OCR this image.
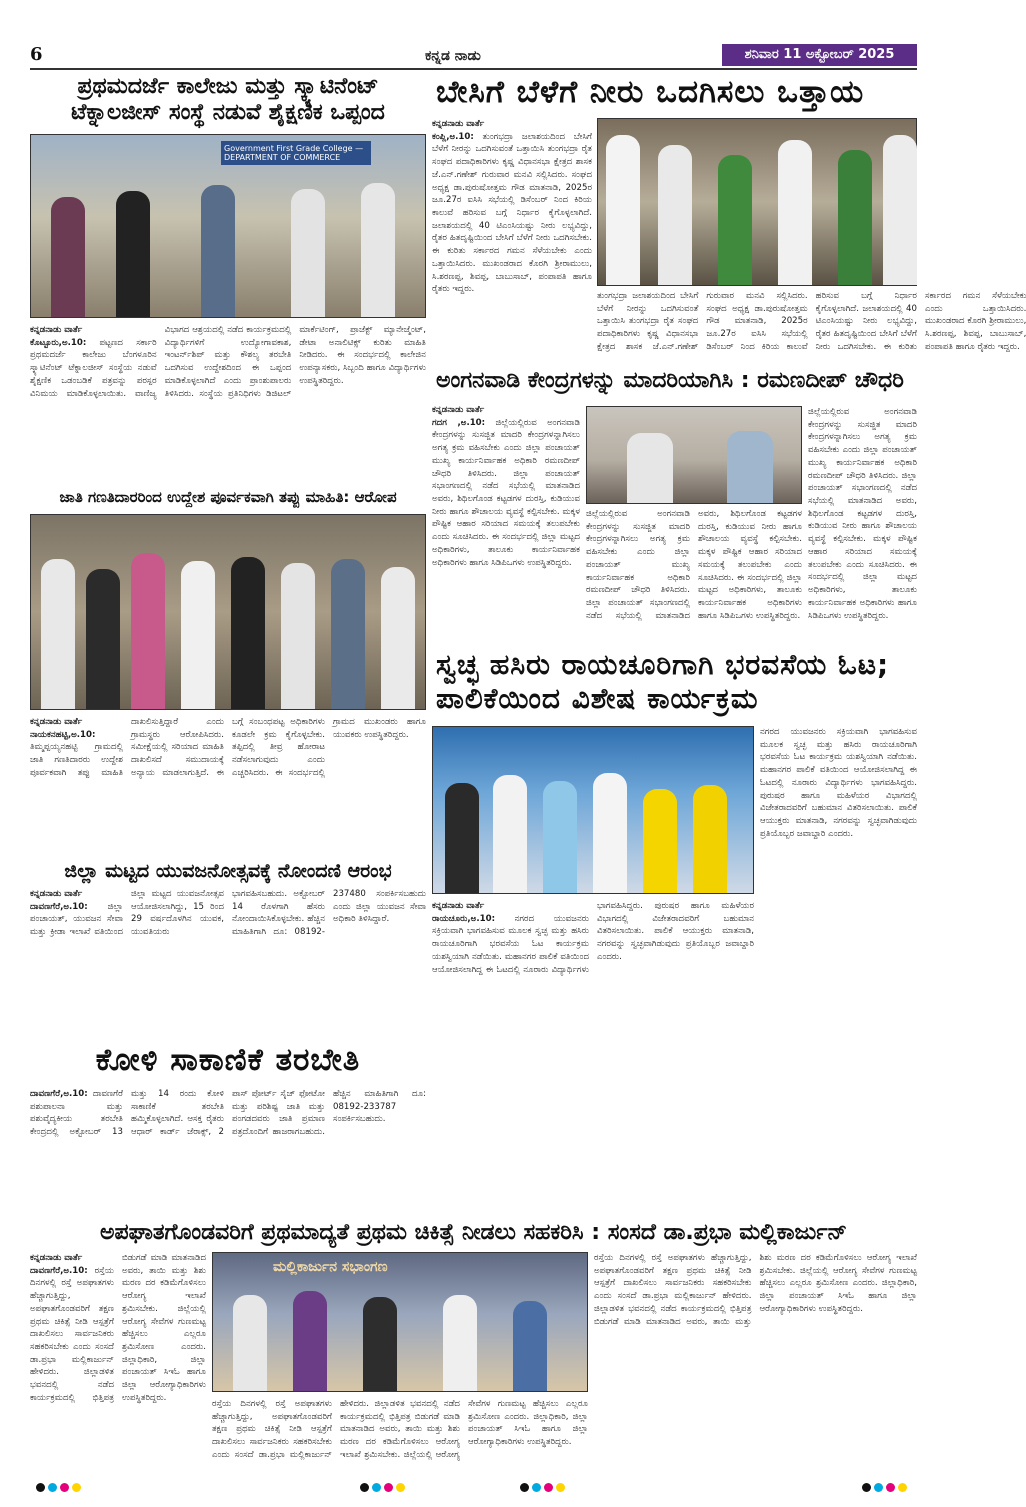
6	ಕನ್ನಡ ನಾಡು	ಶನಿವಾರ 11 ಅಕ್ಟೋಬರ್ 2025
ಪ್ರಥಮದರ್ಜೆ ಕಾಲೇಜು ಮತ್ತು ಸ್ಕ್ಯಾಟಿನೆಂಟ್ ಟೆಕ್ನಾಲಜೀಸ್ ಸಂಸ್ಥೆ ನಡುವೆ ಶೈಕ್ಷಣಿಕ ಒಪ್ಪಂದ
Government First Grade College — DEPARTMENT OF COMMERCE
ಕನ್ನಡನಾಡು ವಾರ್ತೆ
ಕೊಟ್ಟೂರು,ಅ.10: ಪಟ್ಟಣದ ಸರ್ಕಾರಿ ಪ್ರಥಮದರ್ಜೆ ಕಾಲೇಜು ಬೆಂಗಳೂರಿನ ಸ್ಕ್ಯಾಟಿನೆಂಟ್ ಟೆಕ್ನಾಲಜೀಸ್ ಸಂಸ್ಥೆಯ ನಡುವೆ ಶೈಕ್ಷಣಿಕ ಒಡಂಬಡಿಕೆ ಪತ್ರವನ್ನು ಪರಸ್ಪರ ವಿನಿಮಯ ಮಾಡಿಕೊಳ್ಳಲಾಯಿತು. ವಾಣಿಜ್ಯ ವಿಭಾಗದ ಆಶ್ರಯದಲ್ಲಿ ನಡೆದ ಕಾರ್ಯಕ್ರಮದಲ್ಲಿ ವಿದ್ಯಾರ್ಥಿಗಳಿಗೆ ಉದ್ಯೋಗಾವಕಾಶ, ಇಂಟರ್ನ್‌ಶಿಪ್ ಮತ್ತು ಕೌಶಲ್ಯ ತರಬೇತಿ ಒದಗಿಸುವ ಉದ್ದೇಶದಿಂದ ಈ ಒಪ್ಪಂದ ಮಾಡಿಕೊಳ್ಳಲಾಗಿದೆ ಎಂದು ಪ್ರಾಂಶುಪಾಲರು ತಿಳಿಸಿದರು. ಸಂಸ್ಥೆಯ ಪ್ರತಿನಿಧಿಗಳು ಡಿಜಿಟಲ್ ಮಾರ್ಕೆಟಿಂಗ್, ಪ್ರಾಜೆಕ್ಟ್ ಮ್ಯಾನೇಜ್ಮೆಂಟ್, ಡೇಟಾ ಅನಾಲಿಟಿಕ್ಸ್ ಕುರಿತು ಮಾಹಿತಿ ನೀಡಿದರು. ಈ ಸಂದರ್ಭದಲ್ಲಿ ಕಾಲೇಜಿನ ಉಪನ್ಯಾಸಕರು, ಸಿಬ್ಬಂದಿ ಹಾಗೂ ವಿದ್ಯಾರ್ಥಿಗಳು ಉಪಸ್ಥಿತರಿದ್ದರು.
ಬೇಸಿಗೆ ಬೆಳೆಗೆ ನೀರು ಒದಗಿಸಲು ಒತ್ತಾಯ
ಕನ್ನಡನಾಡು ವಾರ್ತೆ
ಕಂಪ್ಲಿ,ಅ.10: ತುಂಗಭದ್ರಾ ಜಲಾಶಯದಿಂದ ಬೇಸಿಗೆ ಬೆಳೆಗೆ ನೀರನ್ನು ಒದಗಿಸುವಂತೆ ಒತ್ತಾಯಿಸಿ ತುಂಗಭದ್ರಾ ರೈತ ಸಂಘದ ಪದಾಧಿಕಾರಿಗಳು ಕೃಷ್ಣ ವಿಧಾನಸಭಾ ಕ್ಷೇತ್ರದ ಶಾಸಕ ಜೆ.ಎನ್.ಗಣೇಶ್ ಗುರುವಾರ ಮನವಿ ಸಲ್ಲಿಸಿದರು. ಸಂಘದ ಅಧ್ಯಕ್ಷ ಡಾ.ಪುರುಷೋತ್ತಮ ಗೌಡ ಮಾತನಾಡಿ, 2025ರ ಜೂ.27ರ ಐಸಿಸಿ ಸಭೆಯಲ್ಲಿ ಡಿಸೆಂಬರ್ ನಿಂದ ಕಿರಿಯ ಕಾಲುವೆ ಹರಿಸುವ ಬಗ್ಗೆ ನಿರ್ಧಾರ ಕೈಗೊಳ್ಳಲಾಗಿದೆ. ಜಲಾಶಯದಲ್ಲಿ 40 ಟಿಎಂಸಿಯಷ್ಟು ನೀರು ಲಭ್ಯವಿದ್ದು, ರೈತರ ಹಿತದೃಷ್ಟಿಯಿಂದ ಬೇಸಿಗೆ ಬೆಳೆಗೆ ನೀರು ಒದಗಿಸಬೇಕು. ಈ ಕುರಿತು ಸರ್ಕಾರದ ಗಮನ ಸೆಳೆಯಬೇಕು ಎಂದು ಒತ್ತಾಯಿಸಿದರು. ಮುಖಂಡರಾದ ಕೊರಗಿ ಶ್ರೀರಾಮುಲು, ಸಿ.ಶರಣಪ್ಪ, ಶಿವಪ್ಪ, ಬಾಬುಸಾಬ್, ಪಂಪಾಪತಿ ಹಾಗೂ ರೈತರು ಇದ್ದರು.
ತುಂಗಭದ್ರಾ ಜಲಾಶಯದಿಂದ ಬೇಸಿಗೆ ಬೆಳೆಗೆ ನೀರನ್ನು ಒದಗಿಸುವಂತೆ ಒತ್ತಾಯಿಸಿ ತುಂಗಭದ್ರಾ ರೈತ ಸಂಘದ ಪದಾಧಿಕಾರಿಗಳು ಕೃಷ್ಣ ವಿಧಾನಸಭಾ ಕ್ಷೇತ್ರದ ಶಾಸಕ ಜೆ.ಎನ್.ಗಣೇಶ್ ಗುರುವಾರ ಮನವಿ ಸಲ್ಲಿಸಿದರು. ಸಂಘದ ಅಧ್ಯಕ್ಷ ಡಾ.ಪುರುಷೋತ್ತಮ ಗೌಡ ಮಾತನಾಡಿ, 2025ರ ಜೂ.27ರ ಐಸಿಸಿ ಸಭೆಯಲ್ಲಿ ಡಿಸೆಂಬರ್ ನಿಂದ ಕಿರಿಯ ಕಾಲುವೆ ಹರಿಸುವ ಬಗ್ಗೆ ನಿರ್ಧಾರ ಕೈಗೊಳ್ಳಲಾಗಿದೆ. ಜಲಾಶಯದಲ್ಲಿ 40 ಟಿಎಂಸಿಯಷ್ಟು ನೀರು ಲಭ್ಯವಿದ್ದು, ರೈತರ ಹಿತದೃಷ್ಟಿಯಿಂದ ಬೇಸಿಗೆ ಬೆಳೆಗೆ ನೀರು ಒದಗಿಸಬೇಕು. ಈ ಕುರಿತು ಸರ್ಕಾರದ ಗಮನ ಸೆಳೆಯಬೇಕು ಎಂದು ಒತ್ತಾಯಿಸಿದರು. ಮುಖಂಡರಾದ ಕೊರಗಿ ಶ್ರೀರಾಮುಲು, ಸಿ.ಶರಣಪ್ಪ, ಶಿವಪ್ಪ, ಬಾಬುಸಾಬ್, ಪಂಪಾಪತಿ ಹಾಗೂ ರೈತರು ಇದ್ದರು.
ಅಂಗನವಾಡಿ ಕೇಂದ್ರಗಳನ್ನು ಮಾದರಿಯಾಗಿಸಿ : ರಮಣದೀಪ್ ಚೌಧರಿ
ಕನ್ನಡನಾಡು ವಾರ್ತೆ
ಗದಗ ,ಅ.10: ಜಿಲ್ಲೆಯಲ್ಲಿರುವ ಅಂಗನವಾಡಿ ಕೇಂದ್ರಗಳನ್ನು ಸುಸಜ್ಜಿತ ಮಾದರಿ ಕೇಂದ್ರಗಳನ್ನಾಗಿಸಲು ಅಗತ್ಯ ಕ್ರಮ ವಹಿಸಬೇಕು ಎಂದು ಜಿಲ್ಲಾ ಪಂಚಾಯತ್ ಮುಖ್ಯ ಕಾರ್ಯನಿರ್ವಾಹಕ ಅಧಿಕಾರಿ ರಮಣದೀಪ್ ಚೌಧರಿ ತಿಳಿಸಿದರು. ಜಿಲ್ಲಾ ಪಂಚಾಯತ್ ಸಭಾಂಗಣದಲ್ಲಿ ನಡೆದ ಸಭೆಯಲ್ಲಿ ಮಾತನಾಡಿದ ಅವರು, ಶಿಥಿಲಗೊಂಡ ಕಟ್ಟಡಗಳ ದುರಸ್ತಿ, ಕುಡಿಯುವ ನೀರು ಹಾಗೂ ಶೌಚಾಲಯ ವ್ಯವಸ್ಥೆ ಕಲ್ಪಿಸಬೇಕು. ಮಕ್ಕಳ ಪೌಷ್ಟಿಕ ಆಹಾರ ಸರಿಯಾದ ಸಮಯಕ್ಕೆ ತಲುಪಬೇಕು ಎಂದು ಸೂಚಿಸಿದರು. ಈ ಸಂದರ್ಭದಲ್ಲಿ ಜಿಲ್ಲಾ ಮಟ್ಟದ ಅಧಿಕಾರಿಗಳು, ತಾಲೂಕು ಕಾರ್ಯನಿರ್ವಾಹಕ ಅಧಿಕಾರಿಗಳು ಹಾಗೂ ಸಿಡಿಪಿಒಗಳು ಉಪಸ್ಥಿತರಿದ್ದರು.
ಜಿಲ್ಲೆಯಲ್ಲಿರುವ ಅಂಗನವಾಡಿ ಕೇಂದ್ರಗಳನ್ನು ಸುಸಜ್ಜಿತ ಮಾದರಿ ಕೇಂದ್ರಗಳನ್ನಾಗಿಸಲು ಅಗತ್ಯ ಕ್ರಮ ವಹಿಸಬೇಕು ಎಂದು ಜಿಲ್ಲಾ ಪಂಚಾಯತ್ ಮುಖ್ಯ ಕಾರ್ಯನಿರ್ವಾಹಕ ಅಧಿಕಾರಿ ರಮಣದೀಪ್ ಚೌಧರಿ ತಿಳಿಸಿದರು. ಜಿಲ್ಲಾ ಪಂಚಾಯತ್ ಸಭಾಂಗಣದಲ್ಲಿ ನಡೆದ ಸಭೆಯಲ್ಲಿ ಮಾತನಾಡಿದ ಅವರು, ಶಿಥಿಲಗೊಂಡ ಕಟ್ಟಡಗಳ ದುರಸ್ತಿ, ಕುಡಿಯುವ ನೀರು ಹಾಗೂ ಶೌಚಾಲಯ ವ್ಯವಸ್ಥೆ ಕಲ್ಪಿಸಬೇಕು. ಮಕ್ಕಳ ಪೌಷ್ಟಿಕ ಆಹಾರ ಸರಿಯಾದ ಸಮಯಕ್ಕೆ ತಲುಪಬೇಕು ಎಂದು ಸೂಚಿಸಿದರು. ಈ ಸಂದರ್ಭದಲ್ಲಿ ಜಿಲ್ಲಾ ಮಟ್ಟದ ಅಧಿಕಾರಿಗಳು, ತಾಲೂಕು ಕಾರ್ಯನಿರ್ವಾಹಕ ಅಧಿಕಾರಿಗಳು ಹಾಗೂ ಸಿಡಿಪಿಒಗಳು ಉಪಸ್ಥಿತರಿದ್ದರು.
ಜಿಲ್ಲೆಯಲ್ಲಿರುವ ಅಂಗನವಾಡಿ ಕೇಂದ್ರಗಳನ್ನು ಸುಸಜ್ಜಿತ ಮಾದರಿ ಕೇಂದ್ರಗಳನ್ನಾಗಿಸಲು ಅಗತ್ಯ ಕ್ರಮ ವಹಿಸಬೇಕು ಎಂದು ಜಿಲ್ಲಾ ಪಂಚಾಯತ್ ಮುಖ್ಯ ಕಾರ್ಯನಿರ್ವಾಹಕ ಅಧಿಕಾರಿ ರಮಣದೀಪ್ ಚೌಧರಿ ತಿಳಿಸಿದರು. ಜಿಲ್ಲಾ ಪಂಚಾಯತ್ ಸಭಾಂಗಣದಲ್ಲಿ ನಡೆದ ಸಭೆಯಲ್ಲಿ ಮಾತನಾಡಿದ ಅವರು, ಶಿಥಿಲಗೊಂಡ ಕಟ್ಟಡಗಳ ದುರಸ್ತಿ, ಕುಡಿಯುವ ನೀರು ಹಾಗೂ ಶೌಚಾಲಯ ವ್ಯವಸ್ಥೆ ಕಲ್ಪಿಸಬೇಕು. ಮಕ್ಕಳ ಪೌಷ್ಟಿಕ ಆಹಾರ ಸರಿಯಾದ ಸಮಯಕ್ಕೆ ತಲುಪಬೇಕು ಎಂದು ಸೂಚಿಸಿದರು. ಈ ಸಂದರ್ಭದಲ್ಲಿ ಜಿಲ್ಲಾ ಮಟ್ಟದ ಅಧಿಕಾರಿಗಳು, ತಾಲೂಕು ಕಾರ್ಯನಿರ್ವಾಹಕ ಅಧಿಕಾರಿಗಳು ಹಾಗೂ ಸಿಡಿಪಿಒಗಳು ಉಪಸ್ಥಿತರಿದ್ದರು.
ಜಾತಿ ಗಣತಿದಾರರಿಂದ ಉದ್ದೇಶ ಪೂರ್ವಕವಾಗಿ ತಪ್ಪು ಮಾಹಿತಿ: ಆರೋಪ
ಕನ್ನಡನಾಡು ವಾರ್ತೆ
ನಾಯಕನಹಟ್ಟಿ,ಅ.10: ತಿಮ್ಮಪ್ಪಯ್ಯನಹಟ್ಟಿ ಗ್ರಾಮದಲ್ಲಿ ಜಾತಿ ಗಣತಿದಾರರು ಉದ್ದೇಶ ಪೂರ್ವಕವಾಗಿ ತಪ್ಪು ಮಾಹಿತಿ ದಾಖಲಿಸುತ್ತಿದ್ದಾರೆ ಎಂದು ಗ್ರಾಮಸ್ಥರು ಆರೋಪಿಸಿದರು. ಸಮೀಕ್ಷೆಯಲ್ಲಿ ಸರಿಯಾದ ಮಾಹಿತಿ ದಾಖಲಿಸದೆ ಸಮುದಾಯಕ್ಕೆ ಅನ್ಯಾಯ ಮಾಡಲಾಗುತ್ತಿದೆ. ಈ ಬಗ್ಗೆ ಸಂಬಂಧಪಟ್ಟ ಅಧಿಕಾರಿಗಳು ಕೂಡಲೇ ಕ್ರಮ ಕೈಗೊಳ್ಳಬೇಕು. ತಪ್ಪಿದಲ್ಲಿ ತೀವ್ರ ಹೋರಾಟ ನಡೆಸಲಾಗುವುದು ಎಂದು ಎಚ್ಚರಿಸಿದರು. ಈ ಸಂದರ್ಭದಲ್ಲಿ ಗ್ರಾಮದ ಮುಖಂಡರು ಹಾಗೂ ಯುವಕರು ಉಪಸ್ಥಿತರಿದ್ದರು.
ಸ್ವಚ್ಛ ಹಸಿರು ರಾಯಚೂರಿಗಾಗಿ ಭರವಸೆಯ ಓಟ; ಪಾಲಿಕೆಯಿಂದ ವಿಶೇಷ ಕಾರ್ಯಕ್ರಮ
ನಗರದ ಯುವಜನರು ಸಕ್ರಿಯವಾಗಿ ಭಾಗವಹಿಸುವ ಮೂಲಕ ಸ್ವಚ್ಛ ಮತ್ತು ಹಸಿರು ರಾಯಚೂರಿಗಾಗಿ ಭರವಸೆಯ ಓಟ ಕಾರ್ಯಕ್ರಮ ಯಶಸ್ವಿಯಾಗಿ ನಡೆಯಿತು. ಮಹಾನಗರ ಪಾಲಿಕೆ ವತಿಯಿಂದ ಆಯೋಜಿಸಲಾಗಿದ್ದ ಈ ಓಟದಲ್ಲಿ ನೂರಾರು ವಿದ್ಯಾರ್ಥಿಗಳು ಭಾಗವಹಿಸಿದ್ದರು. ಪುರುಷರ ಹಾಗೂ ಮಹಿಳೆಯರ ವಿಭಾಗದಲ್ಲಿ ವಿಜೇತರಾದವರಿಗೆ ಬಹುಮಾನ ವಿತರಿಸಲಾಯಿತು. ಪಾಲಿಕೆ ಆಯುಕ್ತರು ಮಾತನಾಡಿ, ನಗರವನ್ನು ಸ್ವಚ್ಛವಾಗಿಡುವುದು ಪ್ರತಿಯೊಬ್ಬರ ಜವಾಬ್ದಾರಿ ಎಂದರು.
ಕನ್ನಡನಾಡು ವಾರ್ತೆ
ರಾಯಚೂರು,ಅ.10: ನಗರದ ಯುವಜನರು ಸಕ್ರಿಯವಾಗಿ ಭಾಗವಹಿಸುವ ಮೂಲಕ ಸ್ವಚ್ಛ ಮತ್ತು ಹಸಿರು ರಾಯಚೂರಿಗಾಗಿ ಭರವಸೆಯ ಓಟ ಕಾರ್ಯಕ್ರಮ ಯಶಸ್ವಿಯಾಗಿ ನಡೆಯಿತು. ಮಹಾನಗರ ಪಾಲಿಕೆ ವತಿಯಿಂದ ಆಯೋಜಿಸಲಾಗಿದ್ದ ಈ ಓಟದಲ್ಲಿ ನೂರಾರು ವಿದ್ಯಾರ್ಥಿಗಳು ಭಾಗವಹಿಸಿದ್ದರು. ಪುರುಷರ ಹಾಗೂ ಮಹಿಳೆಯರ ವಿಭಾಗದಲ್ಲಿ ವಿಜೇತರಾದವರಿಗೆ ಬಹುಮಾನ ವಿತರಿಸಲಾಯಿತು. ಪಾಲಿಕೆ ಆಯುಕ್ತರು ಮಾತನಾಡಿ, ನಗರವನ್ನು ಸ್ವಚ್ಛವಾಗಿಡುವುದು ಪ್ರತಿಯೊಬ್ಬರ ಜವಾಬ್ದಾರಿ ಎಂದರು.
ಜಿಲ್ಲಾ ಮಟ್ಟದ ಯುವಜನೋತ್ಸವಕ್ಕೆ ನೋಂದಣಿ ಆರಂಭ
ಕನ್ನಡನಾಡು ವಾರ್ತೆ
ದಾವಣಗೆರೆ,ಅ.10: ಜಿಲ್ಲಾ ಪಂಚಾಯತ್, ಯುವಜನ ಸೇವಾ ಮತ್ತು ಕ್ರೀಡಾ ಇಲಾಖೆ ವತಿಯಿಂದ ಜಿಲ್ಲಾ ಮಟ್ಟದ ಯುವಜನೋತ್ಸವ ಆಯೋಜಿಸಲಾಗಿದ್ದು, 15 ರಿಂದ 29 ವರ್ಷದೊಳಗಿನ ಯುವಕ, ಯುವತಿಯರು ಭಾಗವಹಿಸಬಹುದು. ಅಕ್ಟೋಬರ್ 14 ರೊಳಗಾಗಿ ಹೆಸರು ನೋಂದಾಯಿಸಿಕೊಳ್ಳಬೇಕು. ಹೆಚ್ಚಿನ ಮಾಹಿತಿಗಾಗಿ ದೂ: 08192-237480 ಸಂಪರ್ಕಿಸಬಹುದು ಎಂದು ಜಿಲ್ಲಾ ಯುವಜನ ಸೇವಾ ಅಧಿಕಾರಿ ತಿಳಿಸಿದ್ದಾರೆ.
ಕೋಳಿ ಸಾಕಾಣಿಕೆ ತರಬೇತಿ
ದಾವಣಗೆರೆ,ಅ.10: ದಾವಣಗೆರೆ ಪಶುಪಾಲನಾ ಮತ್ತು ಪಶುವೈದ್ಯಕೀಯ ತರಬೇತಿ ಕೇಂದ್ರದಲ್ಲಿ ಅಕ್ಟೋಬರ್ 13 ಮತ್ತು 14 ರಂದು ಕೋಳಿ ಸಾಕಾಣಿಕೆ ತರಬೇತಿ ಹಮ್ಮಿಕೊಳ್ಳಲಾಗಿದೆ. ಆಸಕ್ತ ರೈತರು ಆಧಾರ್ ಕಾರ್ಡ್ ಜೆರಾಕ್ಸ್, 2 ಪಾಸ್ ಪೋರ್ಟ್ ಸೈಜ್ ಫೋಟೋ ಮತ್ತು ಪರಿಶಿಷ್ಟ ಜಾತಿ ಮತ್ತು ಪಂಗಡದವರು ಜಾತಿ ಪ್ರಮಾಣ ಪತ್ರದೊಂದಿಗೆ ಹಾಜರಾಗಬಹುದು. ಹೆಚ್ಚಿನ ಮಾಹಿತಿಗಾಗಿ ದೂ: 08192-233787 ಸಂಪರ್ಕಿಸಬಹುದು.
ಅಪಘಾತಗೊಂಡವರಿಗೆ ಪ್ರಥಮಾದ್ಯತೆ ಪ್ರಥಮ ಚಿಕಿತ್ಸೆ ನೀಡಲು ಸಹಕರಿಸಿ : ಸಂಸದೆ ಡಾ.ಪ್ರಭಾ ಮಲ್ಲಿಕಾರ್ಜುನ್
ಕನ್ನಡನಾಡು ವಾರ್ತೆ
ದಾವಣಗೆರೆ,ಅ.10: ರಸ್ತೆಯ ದಿನಗಳಲ್ಲಿ ರಸ್ತೆ ಅಪಘಾತಗಳು ಹೆಚ್ಚಾಗುತ್ತಿದ್ದು, ಅಪಘಾತಗೊಂಡವರಿಗೆ ತಕ್ಷಣ ಪ್ರಥಮ ಚಿಕಿತ್ಸೆ ನೀಡಿ ಆಸ್ಪತ್ರೆಗೆ ದಾಖಲಿಸಲು ಸಾರ್ವಜನಿಕರು ಸಹಕರಿಸಬೇಕು ಎಂದು ಸಂಸದೆ ಡಾ.ಪ್ರಭಾ ಮಲ್ಲಿಕಾರ್ಜುನ್ ಹೇಳಿದರು. ಜಿಲ್ಲಾಡಳಿತ ಭವನದಲ್ಲಿ ನಡೆದ ಕಾರ್ಯಕ್ರಮದಲ್ಲಿ ಭಿತ್ತಿಪತ್ರ ಬಿಡುಗಡೆ ಮಾಡಿ ಮಾತನಾಡಿದ ಅವರು, ತಾಯಿ ಮತ್ತು ಶಿಶು ಮರಣ ದರ ಕಡಿಮೆಗೊಳಿಸಲು ಆರೋಗ್ಯ ಇಲಾಖೆ ಶ್ರಮಿಸಬೇಕು. ಜಿಲ್ಲೆಯಲ್ಲಿ ಆರೋಗ್ಯ ಸೇವೆಗಳ ಗುಣಮಟ್ಟ ಹೆಚ್ಚಿಸಲು ಎಲ್ಲರೂ ಶ್ರಮಿಸೋಣ ಎಂದರು. ಜಿಲ್ಲಾಧಿಕಾರಿ, ಜಿಲ್ಲಾ ಪಂಚಾಯತ್ ಸಿಇಓ ಹಾಗೂ ಜಿಲ್ಲಾ ಆರೋಗ್ಯಾಧಿಕಾರಿಗಳು ಉಪಸ್ಥಿತರಿದ್ದರು.
ಮಲ್ಲಿಕಾರ್ಜುನ ಸಭಾಂಗಣ
ರಸ್ತೆಯ ದಿನಗಳಲ್ಲಿ ರಸ್ತೆ ಅಪಘಾತಗಳು ಹೆಚ್ಚಾಗುತ್ತಿದ್ದು, ಅಪಘಾತಗೊಂಡವರಿಗೆ ತಕ್ಷಣ ಪ್ರಥಮ ಚಿಕಿತ್ಸೆ ನೀಡಿ ಆಸ್ಪತ್ರೆಗೆ ದಾಖಲಿಸಲು ಸಾರ್ವಜನಿಕರು ಸಹಕರಿಸಬೇಕು ಎಂದು ಸಂಸದೆ ಡಾ.ಪ್ರಭಾ ಮಲ್ಲಿಕಾರ್ಜುನ್ ಹೇಳಿದರು. ಜಿಲ್ಲಾಡಳಿತ ಭವನದಲ್ಲಿ ನಡೆದ ಕಾರ್ಯಕ್ರಮದಲ್ಲಿ ಭಿತ್ತಿಪತ್ರ ಬಿಡುಗಡೆ ಮಾಡಿ ಮಾತನಾಡಿದ ಅವರು, ತಾಯಿ ಮತ್ತು ಶಿಶು ಮರಣ ದರ ಕಡಿಮೆಗೊಳಿಸಲು ಆರೋಗ್ಯ ಇಲಾಖೆ ಶ್ರಮಿಸಬೇಕು. ಜಿಲ್ಲೆಯಲ್ಲಿ ಆರೋಗ್ಯ ಸೇವೆಗಳ ಗುಣಮಟ್ಟ ಹೆಚ್ಚಿಸಲು ಎಲ್ಲರೂ ಶ್ರಮಿಸೋಣ ಎಂದರು. ಜಿಲ್ಲಾಧಿಕಾರಿ, ಜಿಲ್ಲಾ ಪಂಚಾಯತ್ ಸಿಇಓ ಹಾಗೂ ಜಿಲ್ಲಾ ಆರೋಗ್ಯಾಧಿಕಾರಿಗಳು ಉಪಸ್ಥಿತರಿದ್ದರು.
ರಸ್ತೆಯ ದಿನಗಳಲ್ಲಿ ರಸ್ತೆ ಅಪಘಾತಗಳು ಹೆಚ್ಚಾಗುತ್ತಿದ್ದು, ಅಪಘಾತಗೊಂಡವರಿಗೆ ತಕ್ಷಣ ಪ್ರಥಮ ಚಿಕಿತ್ಸೆ ನೀಡಿ ಆಸ್ಪತ್ರೆಗೆ ದಾಖಲಿಸಲು ಸಾರ್ವಜನಿಕರು ಸಹಕರಿಸಬೇಕು ಎಂದು ಸಂಸದೆ ಡಾ.ಪ್ರಭಾ ಮಲ್ಲಿಕಾರ್ಜುನ್ ಹೇಳಿದರು. ಜಿಲ್ಲಾಡಳಿತ ಭವನದಲ್ಲಿ ನಡೆದ ಕಾರ್ಯಕ್ರಮದಲ್ಲಿ ಭಿತ್ತಿಪತ್ರ ಬಿಡುಗಡೆ ಮಾಡಿ ಮಾತನಾಡಿದ ಅವರು, ತಾಯಿ ಮತ್ತು ಶಿಶು ಮರಣ ದರ ಕಡಿಮೆಗೊಳಿಸಲು ಆರೋಗ್ಯ ಇಲಾಖೆ ಶ್ರಮಿಸಬೇಕು. ಜಿಲ್ಲೆಯಲ್ಲಿ ಆರೋಗ್ಯ ಸೇವೆಗಳ ಗುಣಮಟ್ಟ ಹೆಚ್ಚಿಸಲು ಎಲ್ಲರೂ ಶ್ರಮಿಸೋಣ ಎಂದರು. ಜಿಲ್ಲಾಧಿಕಾರಿ, ಜಿಲ್ಲಾ ಪಂಚಾಯತ್ ಸಿಇಓ ಹಾಗೂ ಜಿಲ್ಲಾ ಆರೋಗ್ಯಾಧಿಕಾರಿಗಳು ಉಪಸ್ಥಿತರಿದ್ದರು.
